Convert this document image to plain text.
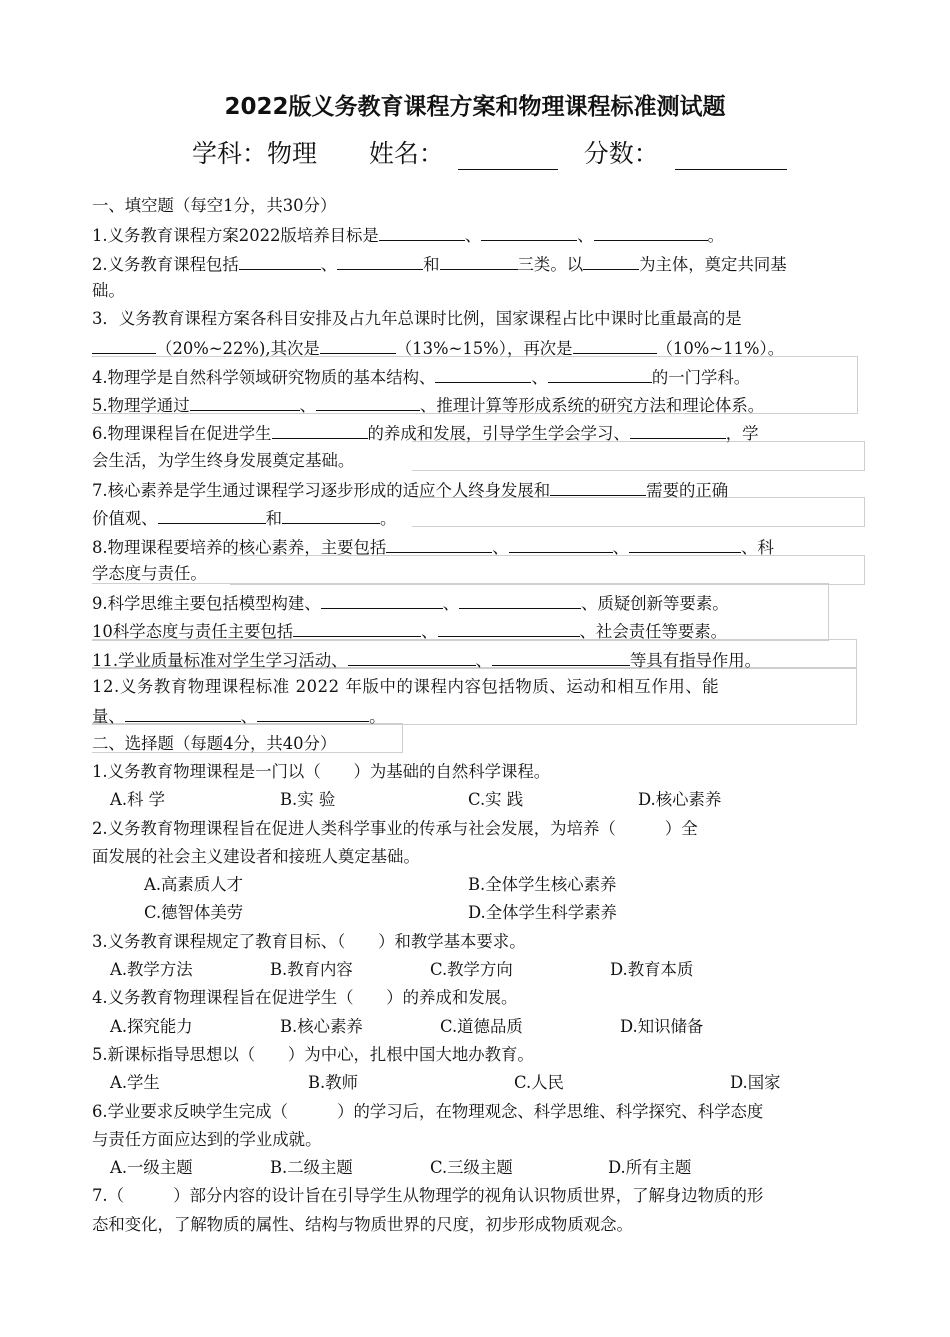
2022版义务教育课程方案和物理课程标准测试题
学科：物理 姓名：	分数：
一、填空题（每空1分，共30分）
1.义务教育课程方案2022版培养目标是	、	、	。
2.义务教育课程包括	、	和	三类。以	为主体，奠定共同基
础。
3．义务教育课程方案各科目安排及占九年总课时比例，国家课程占比中课时比重最高的是
（20%~22%),其次是	（13%~15%），再次是	（10%~11%）。
4.物理学是自然科学领域研究物质的基本结构、	、	的一门学科。
5.物理学通过	、	、推理计算等形成系统的研究方法和理论体系。
6.物理课程旨在促进学生	的养成和发展，引导学生学会学习、	，学
会生活，为学生终身发展奠定基础。
7.核心素养是学生通过课程学习逐步形成的适应个人终身发展和	需要的正确
价值观、	和	。
8.物理课程要培养的核心素养，主要包括	、	、	、科
学态度与责任。
9.科学思维主要包括模型构建、	、	、质疑创新等要素。
10科学态度与责任主要包括	、	、社会责任等要素。
11.学业质量标准对学生学习活动、	、	等具有指导作用。
12.义务教育物理课程标准 2022 年版中的课程内容包括物质、运动和相互作用、能
量、	、	。
二、选择题（每题4分，共40分）
1.义务教育物理课程是一门以（　　）为基础的自然科学课程。
A.科 学	B.实 验	C.实 践	D.核心素养
2.义务教育物理课程旨在促进人类科学事业的传承与社会发展，为培养（　　　）全
面发展的社会主义建设者和接班人奠定基础。
A.高素质人才	B.全体学生核心素养
C.德智体美劳	D.全体学生科学素养
3.义务教育课程规定了教育目标、（　　）和教学基本要求。
A.教学方法	B.教育内容	C.教学方向	D.教育本质
4.义务教育物理课程旨在促进学生（　　）的养成和发展。
A.探究能力	B.核心素养	C.道德品质	D.知识储备
5.新课标指导思想以（　　）为中心，扎根中国大地办教育。
A.学生	B.教师	C.人民	D.国家
6.学业要求反映学生完成（　　　）的学习后，在物理观念、科学思维、科学探究、科学态度
与责任方面应达到的学业成就。
A.一级主题	B.二级主题	C.三级主题	D.所有主题
7.（　　　）部分内容的设计旨在引导学生从物理学的视角认识物质世界，了解身边物质的形
态和变化，了解物质的属性、结构与物质世界的尺度，初步形成物质观念。
